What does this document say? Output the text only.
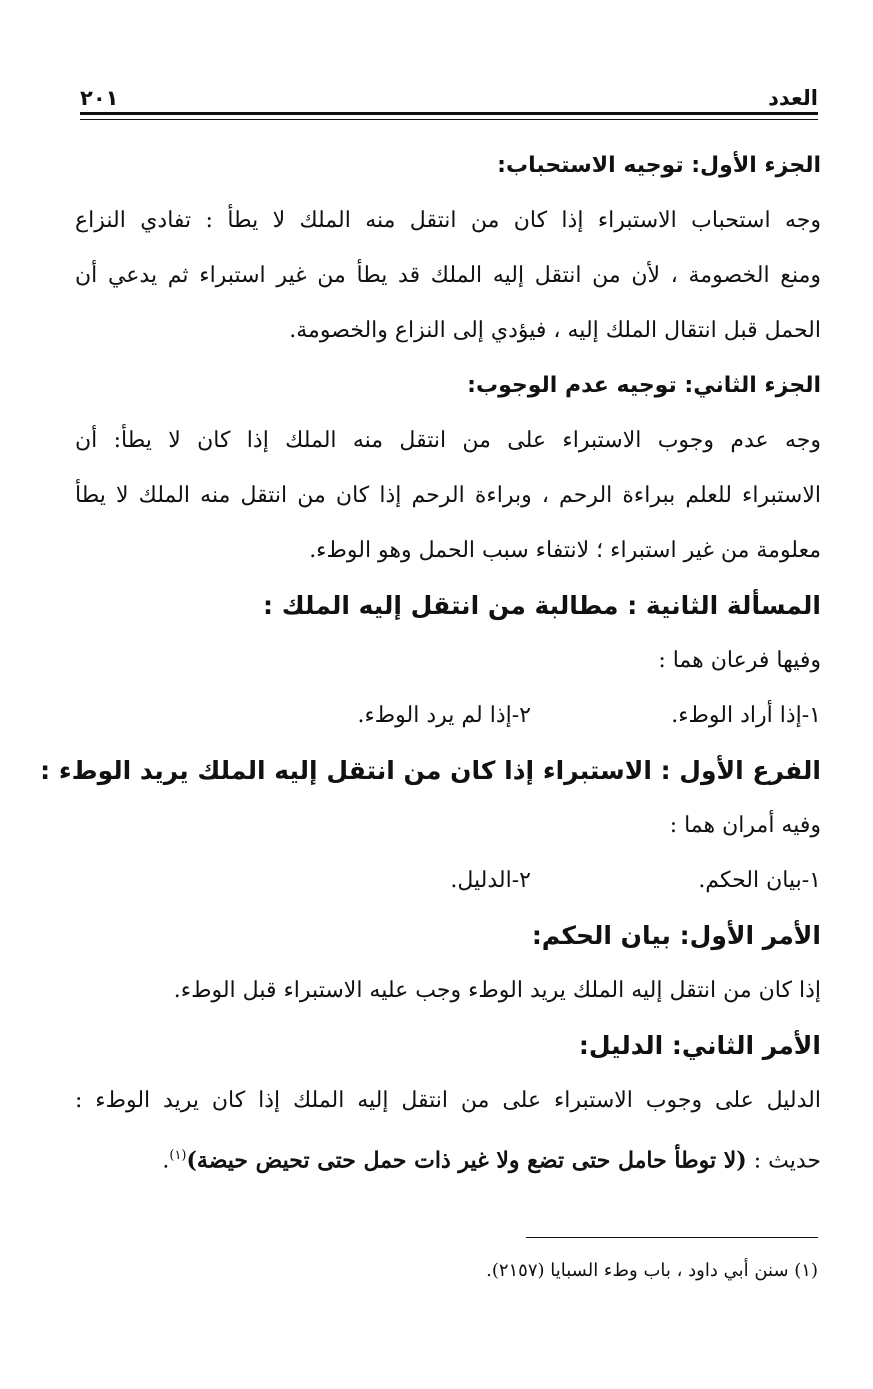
العدد
٢٠١
الجزء الأول: توجيه الاستحباب:
وجه استحباب الاستبراء إذا كان من انتقل منه الملك لا يطأ : تفادي النزاع
ومنع الخصومة ، لأن من انتقل إليه الملك قد يطأ من غير استبراء ثم يدعي أن
الحمل قبل انتقال الملك إليه ، فيؤدي إلى النزاع والخصومة.
الجزء الثاني: توجيه عدم الوجوب:
وجه عدم وجوب الاستبراء على من انتقل منه الملك إذا كان لا يطأ: أن
الاستبراء للعلم ببراءة الرحم ، وبراءة الرحم إذا كان من انتقل منه الملك لا يطأ
معلومة من غير استبراء ؛ لانتفاء سبب الحمل وهو الوطء.
المسألة الثانية : مطالبة من انتقل إليه الملك :
وفيها فرعان هما :
١-إذا أراد الوطء.
٢-إذا لم يرد الوطء.
الفرع الأول : الاستبراء إذا كان من انتقل إليه الملك يريد الوطء :
وفيه أمران هما :
١-بيان الحكم.
٢-الدليل.
الأمر الأول: بيان الحكم:
إذا كان من انتقل إليه الملك يريد الوطء وجب عليه الاستبراء قبل الوطء.
الأمر الثاني: الدليل:
الدليل على وجوب الاستبراء على من انتقل إليه الملك إذا كان يريد الوطء :
حديث : (لا توطأ حامل حتى تضع ولا غير ذات حمل حتى تحيض حيضة)$^{(١)}$.
(١) سنن أبي داود ، باب وطء السبايا (٢١٥٧).
